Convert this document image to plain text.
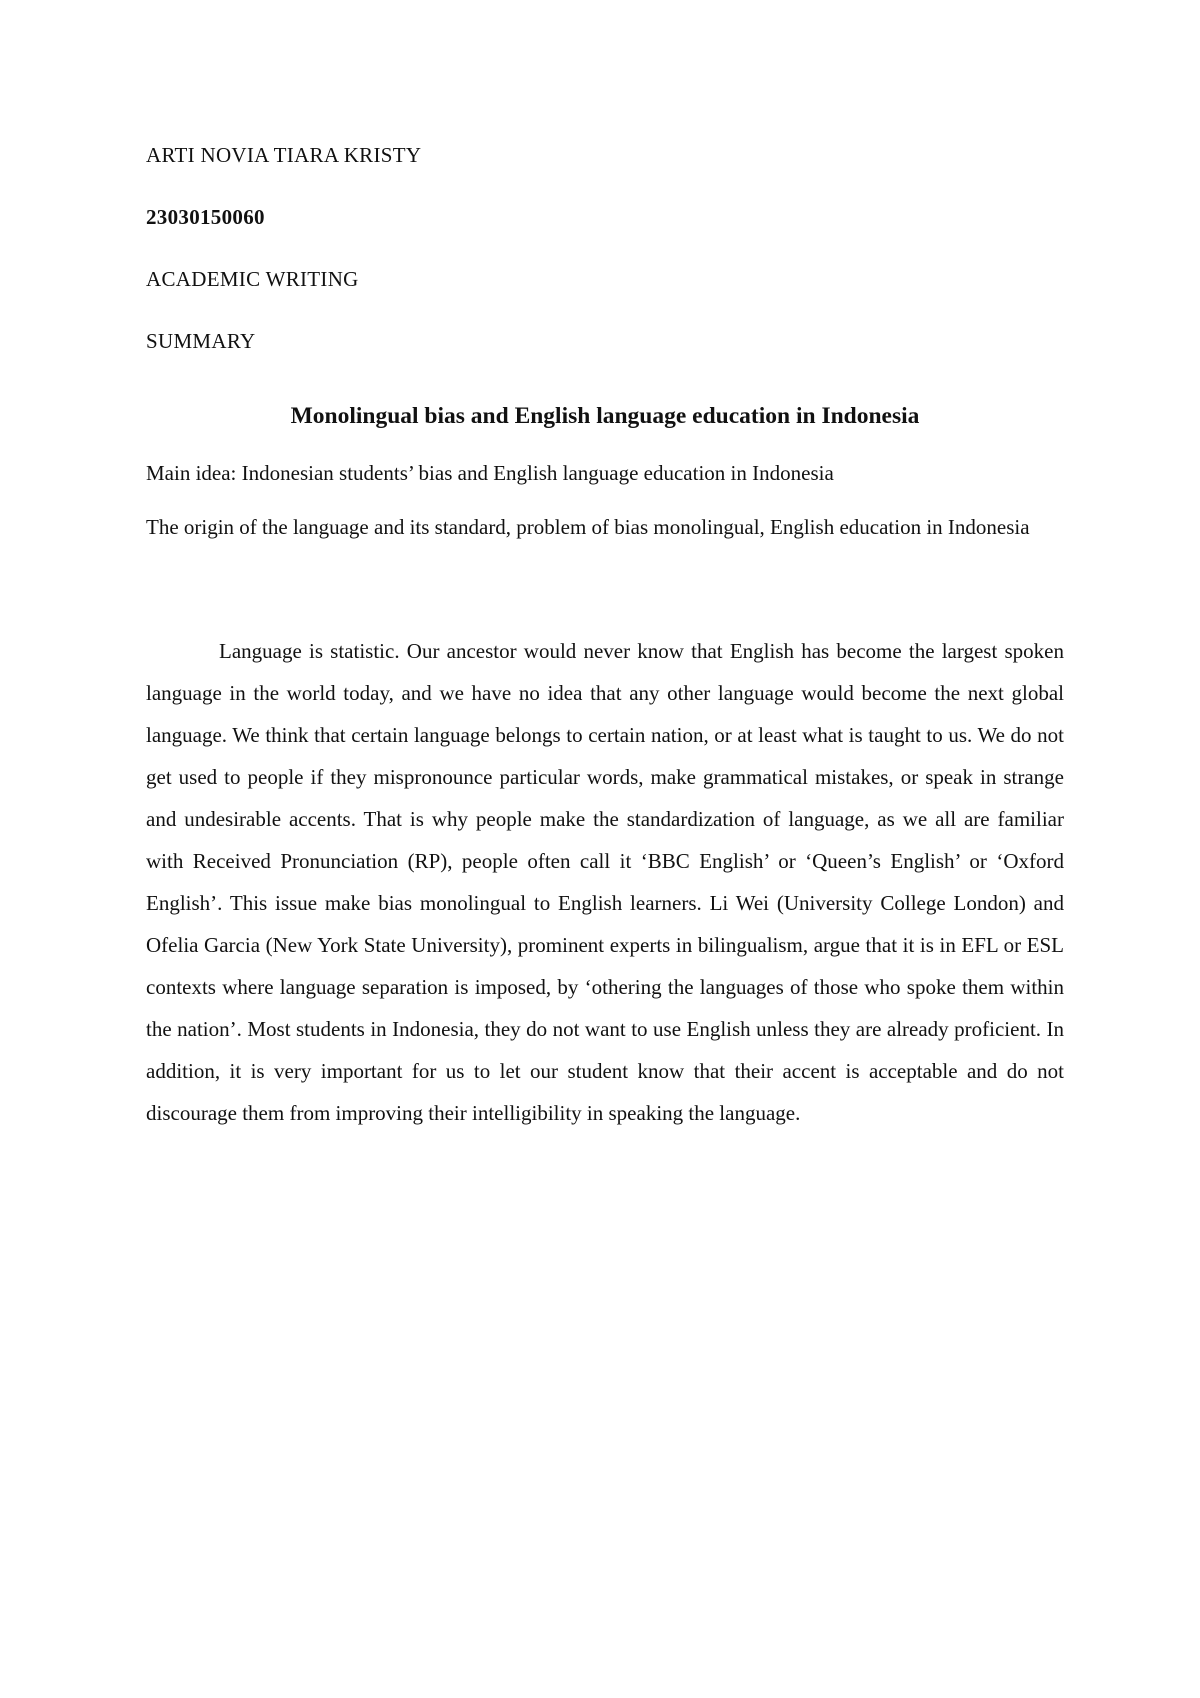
ARTI NOVIA TIARA KRISTY

23030150060

ACADEMIC WRITING

SUMMARY

Monolingual bias and English language education in Indonesia

Main idea: Indonesian students’ bias and English language education in Indonesia

The origin of the language and its standard, problem of bias monolingual, English education in Indonesia

Language is statistic. Our ancestor would never know that English has become the largest spoken language in the world today, and we have no idea that any other language would become the next global language. We think that certain language belongs to certain nation, or at least what is taught to us. We do not get used to people if they mispronounce particular words, make grammatical mistakes, or speak in strange and undesirable accents. That is why people make the standardization of language, as we all are familiar with Received Pronunciation (RP), people often call it ‘BBC English’ or ‘Queen’s English’ or ‘Oxford English’. This issue make bias monolingual to English learners. Li Wei (University College London) and Ofelia Garcia (New York State University), prominent experts in bilingualism, argue that it is in EFL or ESL contexts where language separation is imposed, by ‘othering the languages of those who spoke them within the nation’. Most students in Indonesia, they do not want to use English unless they are already proficient. In addition, it is very important for us to let our student know that their accent is acceptable and do not discourage them from improving their intelligibility in speaking the language.
